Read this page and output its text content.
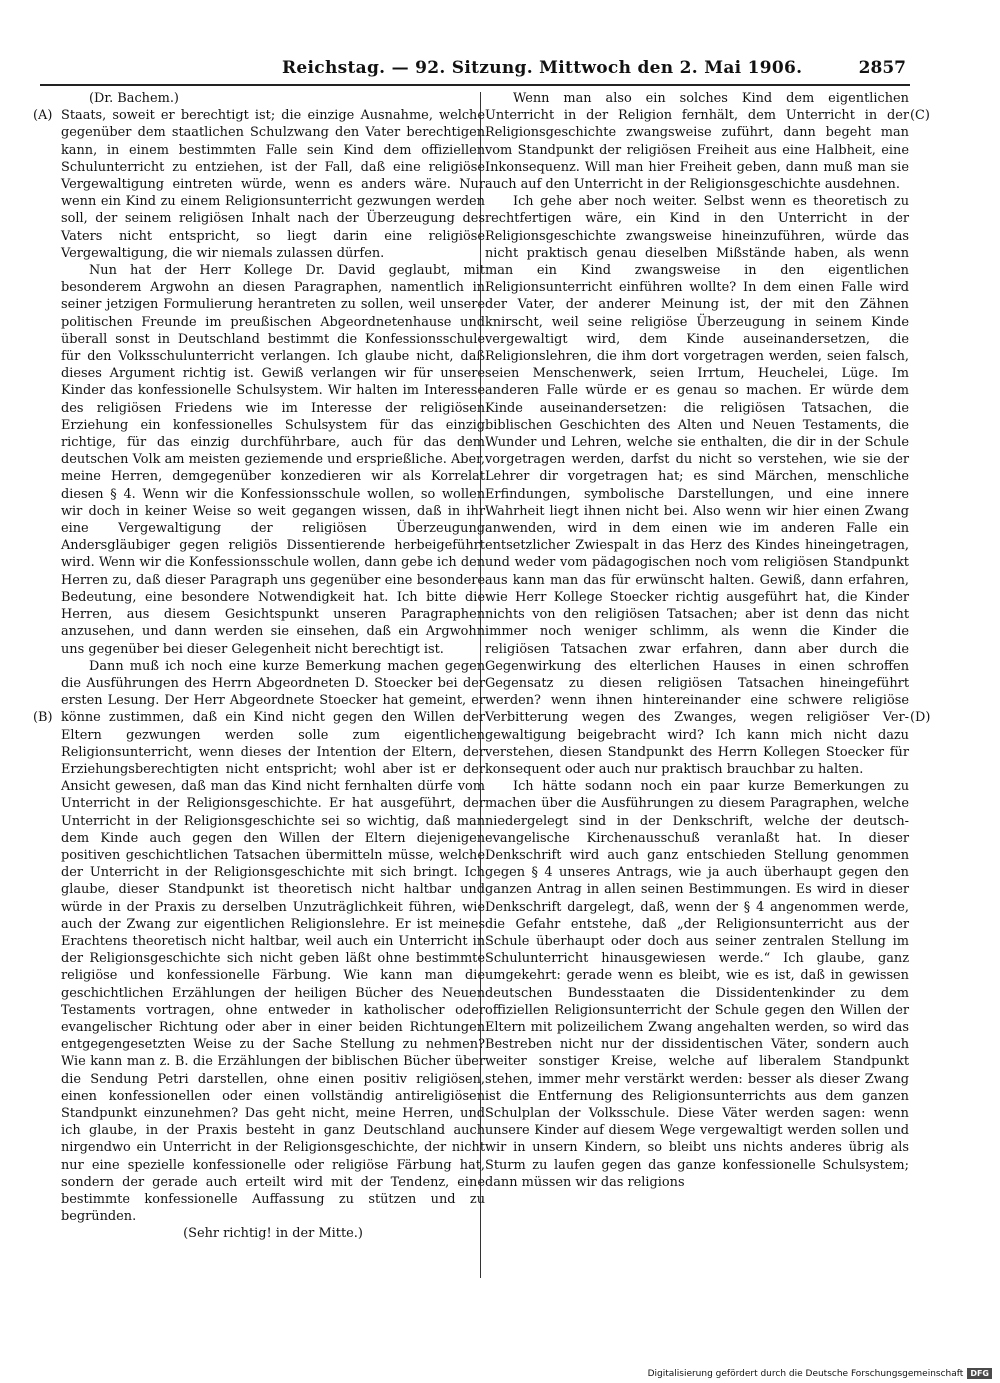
Reichstag. — 92. Sitzung. Mittwoch den 2. Mai 1906.	2857
(A)
(B)
(C)
(D)

(Dr. Bachem.)

Staats, soweit er berechtigt ist; die einzige Ausnahme, welche gegenüber dem staatlichen Schulzwang den Vater berechtigen kann, in einem bestimmten Falle sein Kind dem offiziellen Schulunterricht zu entziehen, ist der Fall, daß eine religiöse Vergewaltigung eintreten würde, wenn es anders wäre. Nur wenn ein Kind zu einem Religionsunterricht gezwungen werden soll, der seinem religiösen Inhalt nach der Überzeugung des Vaters nicht entspricht, so liegt darin eine religiöse Vergewaltigung, die wir niemals zulassen dürfen.

Nun hat der Herr Kollege Dr. David geglaubt, mit besonderem Argwohn an diesen Paragraphen, namentlich in seiner jetzigen Formulierung herantreten zu sollen, weil unsere politischen Freunde im preußischen Abgeordnetenhause und überall sonst in Deutschland bestimmt die Konfessionsschule für den Volksschulunterricht verlangen. Ich glaube nicht, daß dieses Argument richtig ist. Gewiß verlangen wir für unsere Kinder das konfessionelle Schulsystem. Wir halten im Interesse des religiösen Friedens wie im Interesse der religiösen Erziehung ein konfessionelles Schulsystem für das einzig richtige, für das einzig durchführbare, auch für das dem deutschen Volk am meisten geziemende und ersprießliche. Aber, meine Herren, demgegenüber konzedieren wir als Korrelat diesen § 4. Wenn wir die Konfessionsschule wollen, so wollen wir doch in keiner Weise so weit gegangen wissen, daß in ihr eine Vergewaltigung der religiösen Überzeugung Andersgläubiger gegen religiös Dissentierende herbeigeführt wird. Wenn wir die Konfessionsschule wollen, dann gebe ich den Herren zu, daß dieser Paragraph uns gegenüber eine besondere Bedeutung, eine besondere Notwendigkeit hat. Ich bitte die Herren, aus diesem Gesichtspunkt unseren Paragraphen anzusehen, und dann werden sie einsehen, daß ein Argwohn uns gegenüber bei dieser Gelegenheit nicht berechtigt ist.

Dann muß ich noch eine kurze Bemerkung machen gegen die Ausführungen des Herrn Abgeordneten D. Stoecker bei der ersten Lesung. Der Herr Abgeordnete Stoecker hat gemeint, er könne zustimmen, daß ein Kind nicht gegen den Willen der Eltern gezwungen werden solle zum eigentlichen Religionsunterricht, wenn dieses der Intention der Eltern, der Erziehungsberechtigten nicht entspricht; wohl aber ist er der Ansicht gewesen, daß man das Kind nicht fernhalten dürfe vom Unterricht in der Religionsgeschichte. Er hat ausgeführt, der Unterricht in der Religionsgeschichte sei so wichtig, daß man dem Kinde auch gegen den Willen der Eltern diejenigen positiven geschichtlichen Tatsachen übermitteln müsse, welche der Unterricht in der Religionsgeschichte mit sich bringt. Ich glaube, dieser Standpunkt ist theoretisch nicht haltbar und würde in der Praxis zu derselben Unzuträglichkeit führen, wie auch der Zwang zur eigentlichen Religionslehre. Er ist meines Erachtens theoretisch nicht haltbar, weil auch ein Unterricht in der Religionsgeschichte sich nicht geben läßt ohne bestimmte religiöse und konfessionelle Färbung. Wie kann man die geschichtlichen Erzählungen der heiligen Bücher des Neuen Testaments vortragen, ohne entweder in katholischer oder evangelischer Richtung oder aber in einer beiden Richtungen entgegengesetzten Weise zu der Sache Stellung zu nehmen? Wie kann man z. B. die Erzählungen der biblischen Bücher über die Sendung Petri darstellen, ohne einen positiv religiösen, einen konfessionellen oder einen vollständig antireligiösen Standpunkt einzunehmen? Das geht nicht, meine Herren, und ich glaube, in der Praxis besteht in ganz Deutschland auch nirgendwo ein Unterricht in der Religionsgeschichte, der nicht nur eine spezielle konfessionelle oder religiöse Färbung hat, sondern der gerade auch erteilt wird mit der Tendenz, eine bestimmte konfessionelle Auffassung zu stützen und zu begründen.

(Sehr richtig! in der Mitte.)

Wenn man also ein solches Kind dem eigentlichen Unterricht in der Religion fernhält, dem Unterricht in der Religionsgeschichte zwangsweise zuführt, dann begeht man vom Standpunkt der religiösen Freiheit aus eine Halbheit, eine Inkonsequenz. Will man hier Freiheit geben, dann muß man sie auch auf den Unterricht in der Religionsgeschichte ausdehnen.

Ich gehe aber noch weiter. Selbst wenn es theoretisch zu rechtfertigen wäre, ein Kind in den Unterricht in der Religionsgeschichte zwangsweise hineinzuführen, würde das nicht praktisch genau dieselben Mißstände haben, als wenn man ein Kind zwangsweise in den eigentlichen Religionsunterricht einführen wollte? In dem einen Falle wird der Vater, der anderer Meinung ist, der mit den Zähnen knirscht, weil seine religiöse Überzeugung in seinem Kinde vergewaltigt wird, dem Kinde auseinandersetzen, die Religionslehren, die ihm dort vorgetragen werden, seien falsch, seien Menschenwerk, seien Irrtum, Heuchelei, Lüge. Im anderen Falle würde er es genau so machen. Er würde dem Kinde auseinandersetzen: die religiösen Tatsachen, die biblischen Geschichten des Alten und Neuen Testaments, die Wunder und Lehren, welche sie enthalten, die dir in der Schule vorgetragen werden, darfst du nicht so verstehen, wie sie der Lehrer dir vorgetragen hat; es sind Märchen, menschliche Erfindungen, symbolische Darstellungen, und eine innere Wahrheit liegt ihnen nicht bei. Also wenn wir hier einen Zwang anwenden, wird in dem einen wie im anderen Falle ein entsetzlicher Zwiespalt in das Herz des Kindes hineingetragen, und weder vom pädagogischen noch vom religiösen Standpunkt aus kann man das für erwünscht halten. Gewiß, dann erfahren, wie Herr Kollege Stoecker richtig ausgeführt hat, die Kinder nichts von den religiösen Tatsachen; aber ist denn das nicht immer noch weniger schlimm, als wenn die Kinder die religiösen Tatsachen zwar erfahren, dann aber durch die Gegenwirkung des elterlichen Hauses in einen schroffen Gegensatz zu diesen religiösen Tatsachen hineingeführt werden? wenn ihnen hintereinander eine schwere religiöse Verbitterung wegen des Zwanges, wegen religiöser Vergewaltigung beigebracht wird? Ich kann mich nicht dazu verstehen, diesen Standpunkt des Herrn Kollegen Stoecker für konsequent oder auch nur praktisch brauchbar zu halten.

Ich hätte sodann noch ein paar kurze Bemerkungen zu machen über die Ausführungen zu diesem Paragraphen, welche niedergelegt sind in der Denkschrift, welche der deutsch-evangelische Kirchenausschuß veranlaßt hat. In dieser Denkschrift wird auch ganz entschieden Stellung genommen gegen § 4 unseres Antrags, wie ja auch überhaupt gegen den ganzen Antrag in allen seinen Bestimmungen. Es wird in dieser Denkschrift dargelegt, daß, wenn der § 4 angenommen werde, die Gefahr entstehe, daß „der Religionsunterricht aus der Schule überhaupt oder doch aus seiner zentralen Stellung im Schulunterricht hinausgewiesen werde.“ Ich glaube, ganz umgekehrt: gerade wenn es bleibt, wie es ist, daß in gewissen deutschen Bundesstaaten die Dissidentenkinder zu dem offiziellen Religionsunterricht der Schule gegen den Willen der Eltern mit polizeilichem Zwang angehalten werden, so wird das Bestreben nicht nur der dissidentischen Väter, sondern auch weiter sonstiger Kreise, welche auf liberalem Standpunkt stehen, immer mehr verstärkt werden: besser als dieser Zwang ist die Entfernung des Religionsunterrichts aus dem ganzen Schulplan der Volksschule. Diese Väter werden sagen: wenn unsere Kinder auf diesem Wege vergewaltigt werden sollen und wir in unsern Kindern, so bleibt uns nichts anderes übrig als Sturm zu laufen gegen das ganze konfessionelle Schulsystem; dann müssen wir das religions

Digitalisierung gefördert durch die Deutsche Forschungsgemeinschaft DFG
